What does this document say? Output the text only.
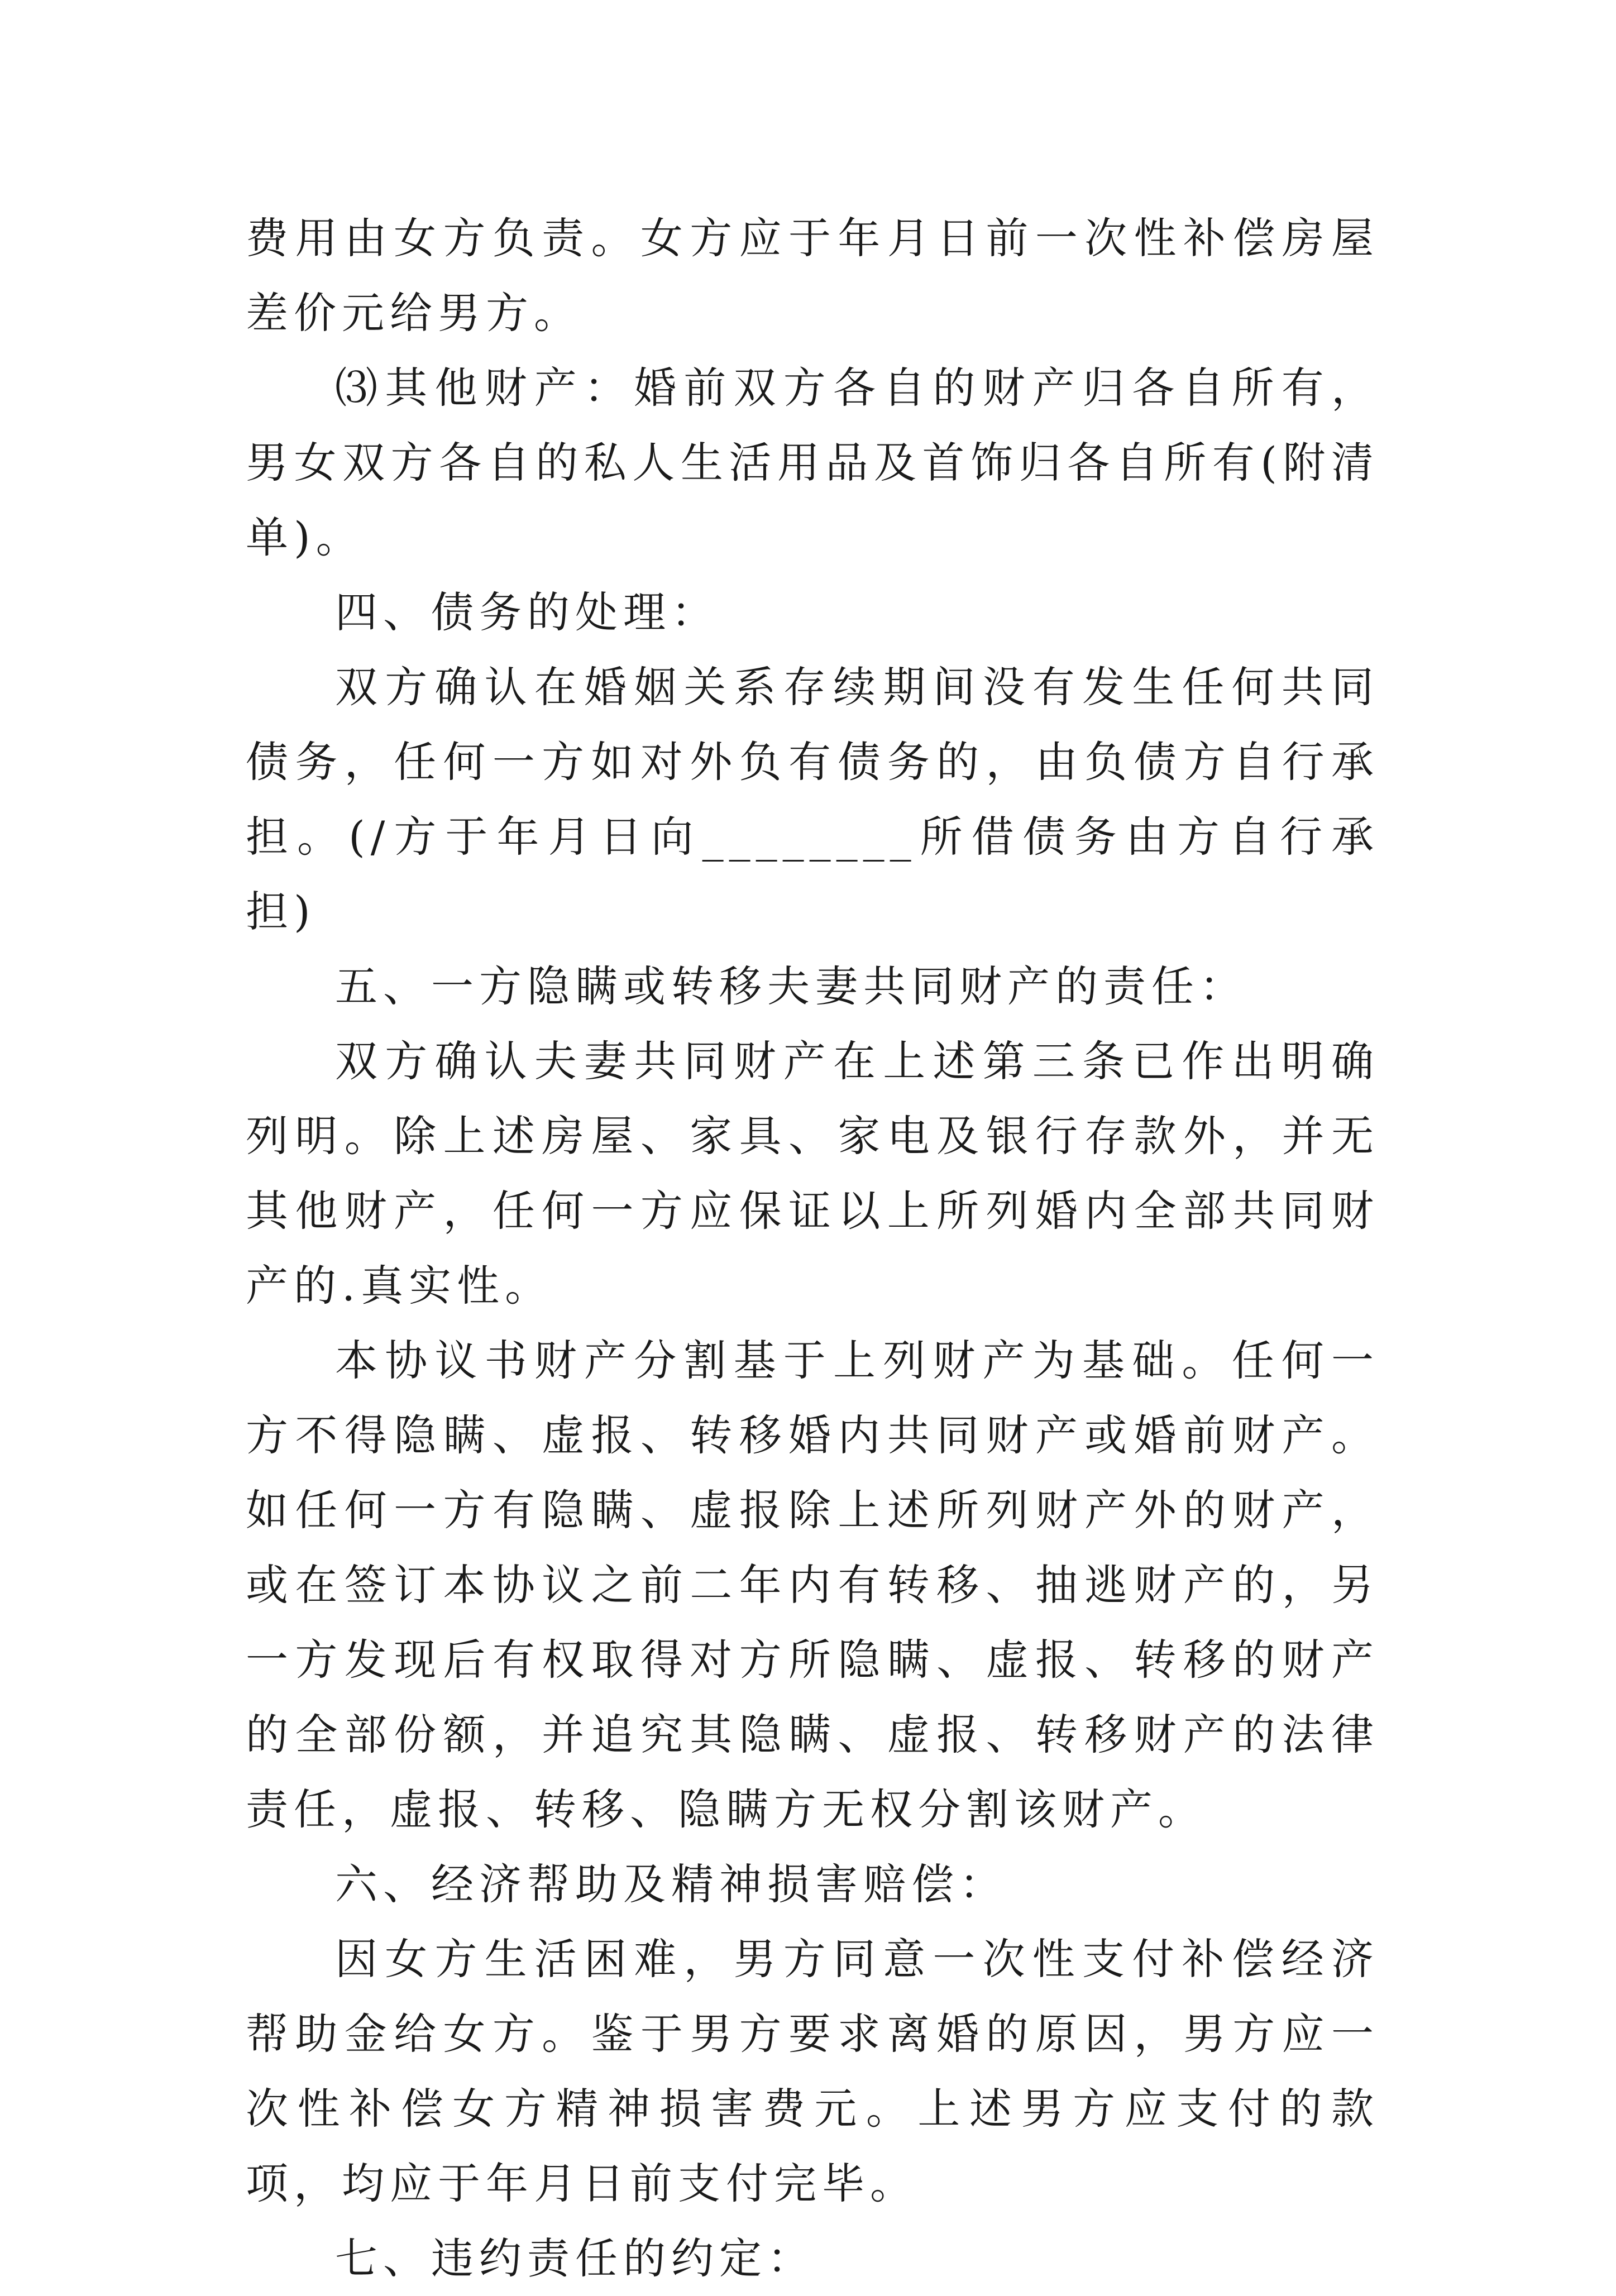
费用由女方负责。女方应于年月日前一次性补偿房屋差价元给男方。

⑶其他财产：婚前双方各自的财产归各自所有，男女双方各自的私人生活用品及首饰归各自所有(附清单)。

四、债务的处理：

双方确认在婚姻关系存续期间没有发生任何共同债务，任何一方如对外负有债务的，由负债方自行承担。(/方于年月日向________所借债务由方自行承担)

五、一方隐瞒或转移夫妻共同财产的责任：

双方确认夫妻共同财产在上述第三条已作出明确列明。除上述房屋、家具、家电及银行存款外，并无其他财产，任何一方应保证以上所列婚内全部共同财产的.真实性。

本协议书财产分割基于上列财产为基础。任何一方不得隐瞒、虚报、转移婚内共同财产或婚前财产。如任何一方有隐瞒、虚报除上述所列财产外的财产，或在签订本协议之前二年内有转移、抽逃财产的，另一方发现后有权取得对方所隐瞒、虚报、转移的财产的全部份额，并追究其隐瞒、虚报、转移财产的法律责任，虚报、转移、隐瞒方无权分割该财产。

六、经济帮助及精神损害赔偿：

因女方生活困难，男方同意一次性支付补偿经济帮助金给女方。鉴于男方要求离婚的原因，男方应一次性补偿女方精神损害费元。上述男方应支付的款项，均应于年月日前支付完毕。

七、违约责任的约定：
